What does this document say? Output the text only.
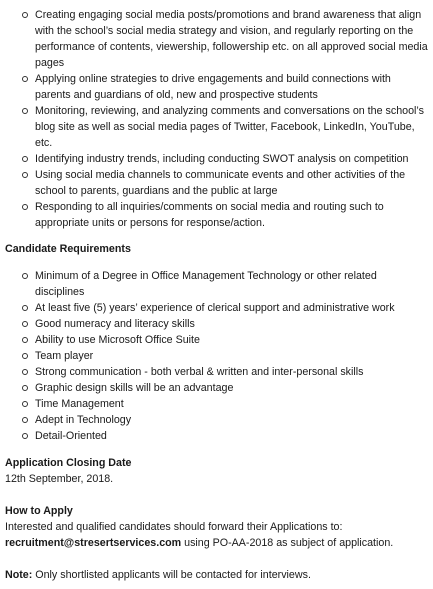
Creating engaging social media posts/promotions and brand awareness that align with the school’s social media strategy and vision, and regularly reporting on the performance of contents, viewership, followership etc. on all approved social media pages
Applying online strategies to drive engagements and build connections with parents and guardians of old, new and prospective students
Monitoring, reviewing, and analyzing comments and conversations on the school’s blog site as well as social media pages of Twitter, Facebook, LinkedIn, YouTube, etc.
Identifying industry trends, including conducting SWOT analysis on competition
Using social media channels to communicate events and other activities of the school to parents, guardians and the public at large
Responding to all inquiries/comments on social media and routing such to appropriate units or persons for response/action.
Candidate Requirements
Minimum of a Degree in Office Management Technology or other related disciplines
At least five (5) years’ experience of clerical support and administrative work
Good numeracy and literacy skills
Ability to use Microsoft Office Suite
Team player
Strong communication - both verbal & written and inter-personal skills
Graphic design skills will be an advantage
Time Management
Adept in Technology
Detail-Oriented
Application Closing Date

12th September, 2018.

How to Apply

Interested and qualified candidates should forward their Applications to:

recruitment@stresertservices.com using PO-AA-2018 as subject of application.

Note: Only shortlisted applicants will be contacted for interviews.
